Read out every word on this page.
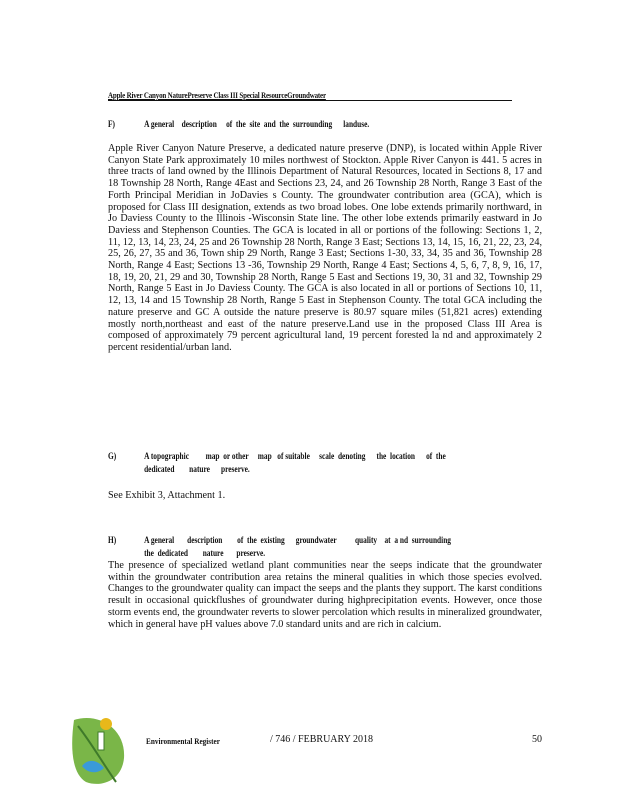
Apple River Canyon NaturePreserve Class III Special ResourceGroundwater
F)	A general    description     of  the  site  and  the  surrounding      landuse.
Apple River Canyon Nature Preserve, a dedicated nature preserve (DNP), is located within Apple River Canyon State Park approximately 10 miles northwest of Stockton. Apple River Canyon is 441. 5 acres in three tracts of land owned by the Illinois Department of Natural Resources, located in Sections 8, 17 and 18 Township 28 North, Range 4East and Sections 23, 24, and 26 Township 28 North, Range 3 East of the Forth Principal Meridian in JoDavies s County. The groundwater contribution area (GCA), which is proposed for Class III designation, extends as two broad lobes. One lobe extends primarily northward, in Jo Daviess County to the Illinois -Wisconsin State line. The other lobe extends primarily eastward in Jo Daviess and Stephenson Counties. The GCA is located in all or portions of the following: Sections 1, 2, 11, 12, 13, 14, 23, 24, 25 and 26 Township 28 North, Range 3 East; Sections 13, 14, 15, 16, 21, 22, 23, 24, 25, 26, 27, 35 and 36, Town ship 29 North, Range 3 East; Sections 1-30, 33, 34, 35 and 36, Township 28 North, Range 4 East; Sections 13 -36, Township 29 North, Range 4 East; Sections 4, 5, 6, 7, 8, 9, 16, 17, 18, 19, 20, 21, 29 and 30, Township 28 North, Range 5 East and Sections 19, 30, 31 and 32, Township 29 North, Range 5 East in Jo Daviess County. The GCA is also located in all or portions of Sections 10, 11, 12, 13, 14 and 15 Township 28 North, Range 5 East in Stephenson County. The total GCA including the nature preserve and GC A outside the nature preserve is 80.97 square miles (51,821 acres) extending mostly north,northeast and east of the nature preserve.Land use in the proposed Class III Area is composed of approximately 79 percent agricultural land, 19 percent forested la nd and approximately 2 percent residential/urban land.
G)	A topographic         map  or other     map   of suitable     scale  denoting      the  location      of  the
dedicated        nature      preserve.
See Exhibit 3, Attachment 1.
H)	A general       description        of  the  existing      groundwater          quality    at  a nd  surrounding
the  dedicated        nature       preserve.
The presence of specialized wetland plant communities near the seeps indicate that the groundwater within the groundwater contribution area retains the mineral qualities in which those species evolved. Changes to the groundwater quality can impact the seeps and the plants they support. The karst conditions result in occasional quickflushes of groundwater during highprecipitation events. However, once those storm events end, the groundwater reverts to slower percolation which results in mineralized groundwater, which in general have pH values above 7.0 standard units and are rich in calcium.
Environmental Register	/ 746 / FEBRUARY 2018	50
